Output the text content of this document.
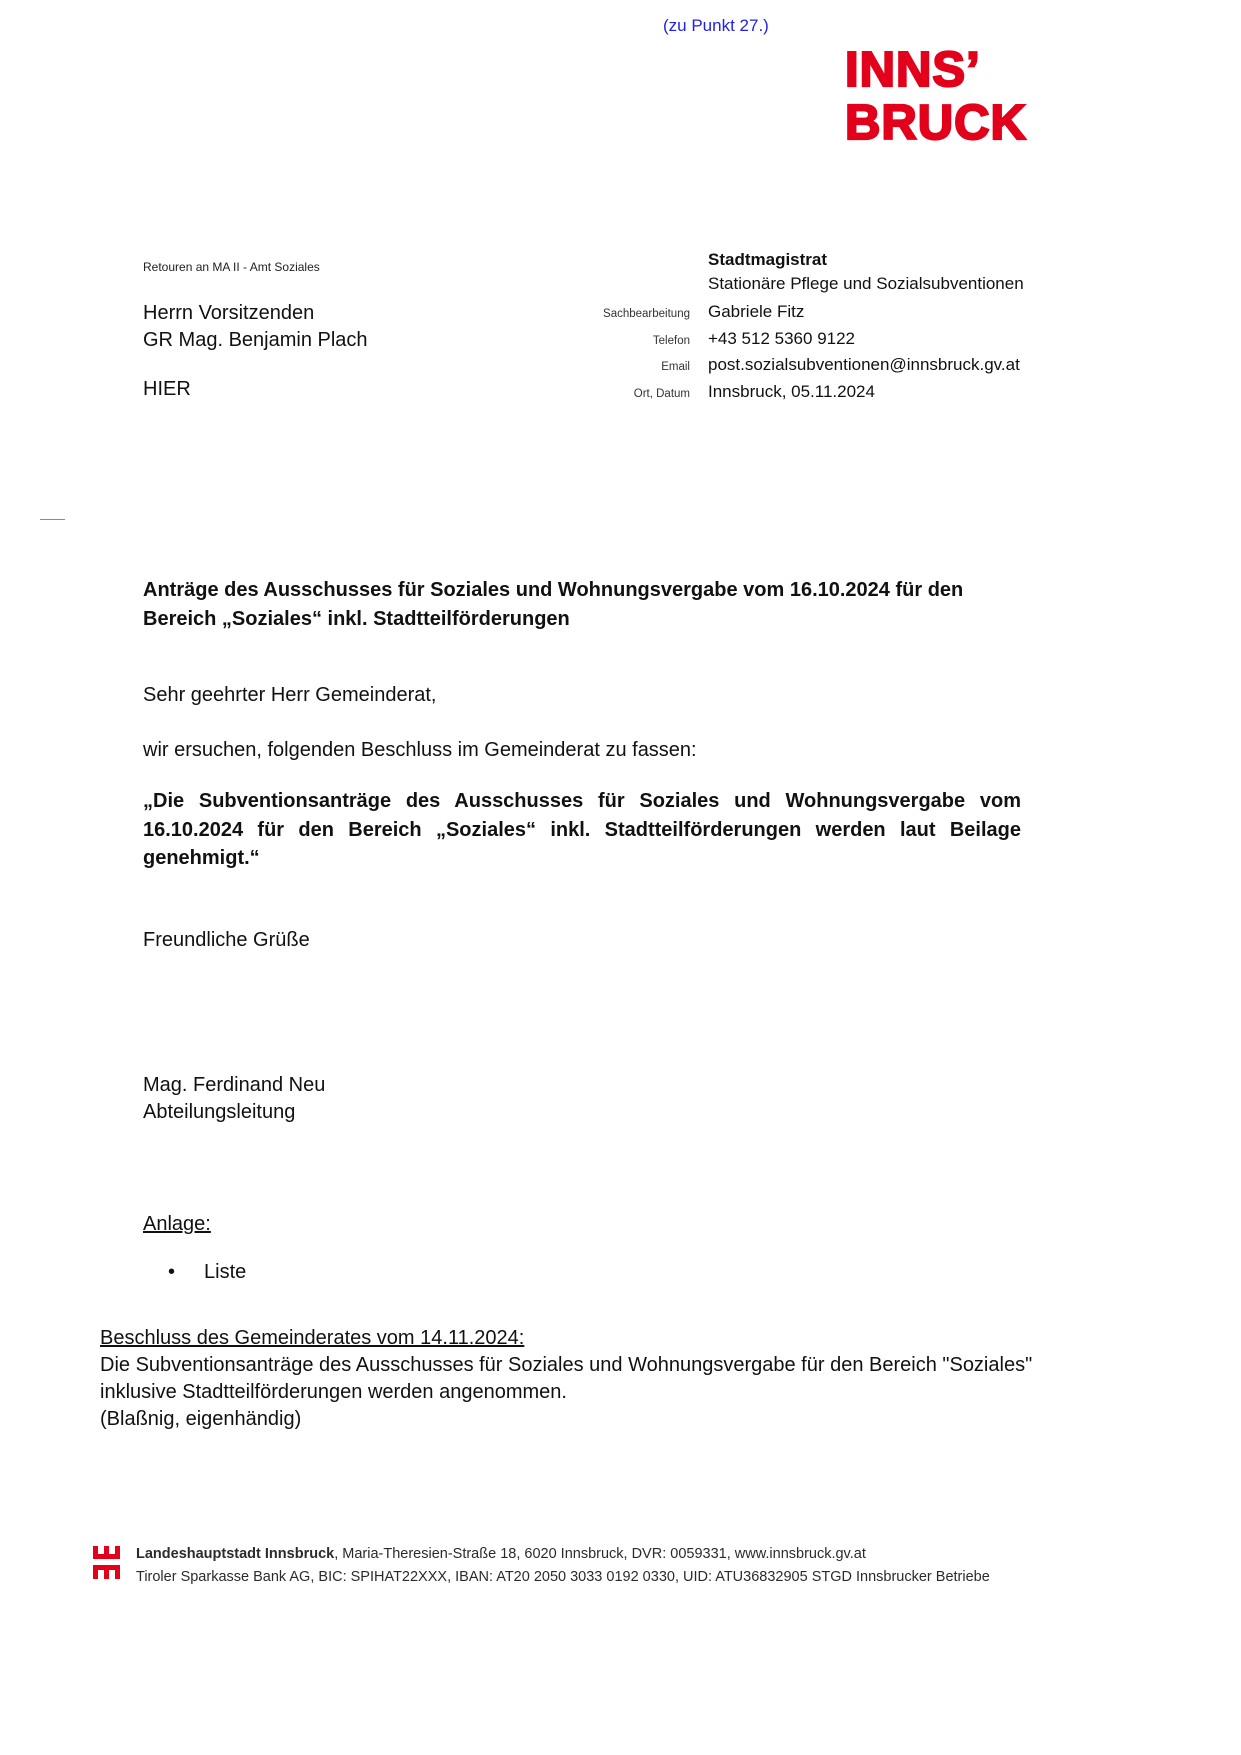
(zu Punkt 27.)
INNS’
BRUCK
Retouren an MA II - Amt Soziales
Herrn Vorsitzenden
GR Mag. Benjamin Plach
HIER
Stadtmagistrat
Stationäre Pflege und Sozialsubventionen
Sachbearbeitung Gabriele Fitz
Telefon +43 512 5360 9122
Email post.sozialsubventionen@innsbruck.gv.at
Ort, Datum Innsbruck, 05.11.2024
Anträge des Ausschusses für Soziales und Wohnungsvergabe vom 16.10.2024 für den Bereich „Soziales“ inkl. Stadtteilförderungen
Sehr geehrter Herr Gemeinderat,
wir ersuchen, folgenden Beschluss im Gemeinderat zu fassen:
„Die Subventionsanträge des Ausschusses für Soziales und Wohnungsvergabe vom 16.10.2024 für den Bereich „Soziales“ inkl. Stadtteilförderungen werden laut Beilage genehmigt.“
Freundliche Grüße
Mag. Ferdinand Neu
Abteilungsleitung
Anlage:
• Liste
Beschluss des Gemeinderates vom 14.11.2024:
Die Subventionsanträge des Ausschusses für Soziales und Wohnungsvergabe für den Bereich "Soziales" inklusive Stadtteilförderungen werden angenommen.
(Blaßnig, eigenhändig)
Landeshauptstadt Innsbruck, Maria-Theresien-Straße 18, 6020 Innsbruck, DVR: 0059331, www.innsbruck.gv.at
Tiroler Sparkasse Bank AG, BIC: SPIHAT22XXX, IBAN: AT20 2050 3033 0192 0330, UID: ATU36832905 STGD Innsbrucker Betriebe
